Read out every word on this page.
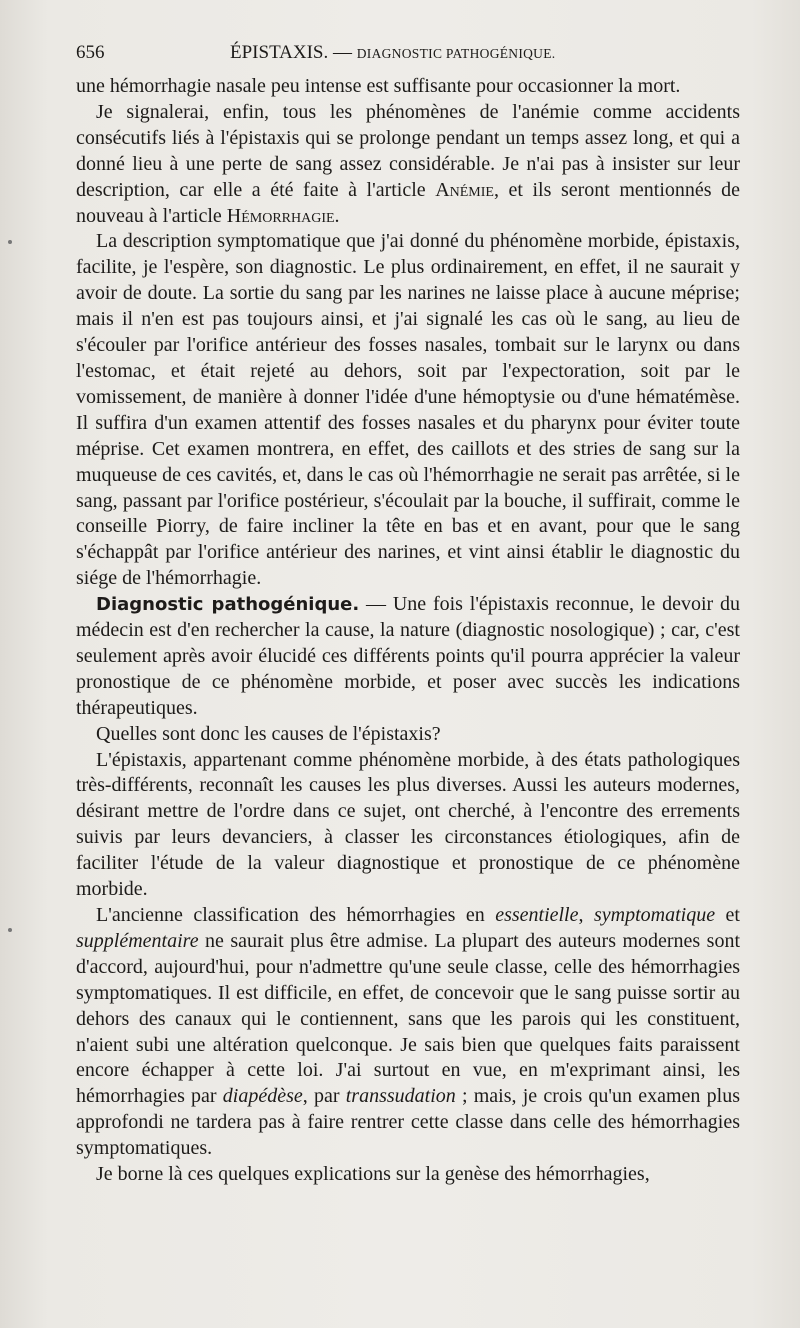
656	ÉPISTAXIS. — DIAGNOSTIC PATHOGÉNIQUE.

une hémorrhagie nasale peu intense est suffisante pour occasionner la mort.

Je signalerai, enfin, tous les phénomènes de l'anémie comme accidents consécutifs liés à l'épistaxis qui se prolonge pendant un temps assez long, et qui a donné lieu à une perte de sang assez considérable. Je n'ai pas à insister sur leur description, car elle a été faite à l'article Anémie, et ils seront mentionnés de nouveau à l'article Hémorrhagie.

La description symptomatique que j'ai donné du phénomène morbide, épistaxis, facilite, je l'espère, son diagnostic. Le plus ordinairement, en effet, il ne saurait y avoir de doute. La sortie du sang par les narines ne laisse place à aucune méprise; mais il n'en est pas toujours ainsi, et j'ai signalé les cas où le sang, au lieu de s'écouler par l'orifice antérieur des fosses nasales, tombait sur le larynx ou dans l'estomac, et était rejeté au dehors, soit par l'expectoration, soit par le vomissement, de manière à donner l'idée d'une hémoptysie ou d'une hématémèse. Il suffira d'un examen attentif des fosses nasales et du pharynx pour éviter toute méprise. Cet examen montrera, en effet, des caillots et des stries de sang sur la muqueuse de ces cavités, et, dans le cas où l'hémorrhagie ne serait pas arrêtée, si le sang, passant par l'orifice postérieur, s'écoulait par la bouche, il suffirait, comme le conseille Piorry, de faire incliner la tête en bas et en avant, pour que le sang s'échappât par l'orifice antérieur des narines, et vint ainsi établir le diagnostic du siége de l'hémorrhagie.

Diagnostic pathogénique. — Une fois l'épistaxis reconnue, le devoir du médecin est d'en rechercher la cause, la nature (diagnostic nosologique) ; car, c'est seulement après avoir élucidé ces différents points qu'il pourra apprécier la valeur pronostique de ce phénomène morbide, et poser avec succès les indications thérapeutiques.

Quelles sont donc les causes de l'épistaxis?

L'épistaxis, appartenant comme phénomène morbide, à des états pathologiques très-différents, reconnaît les causes les plus diverses. Aussi les auteurs modernes, désirant mettre de l'ordre dans ce sujet, ont cherché, à l'encontre des errements suivis par leurs devanciers, à classer les circonstances étiologiques, afin de faciliter l'étude de la valeur diagnostique et pronostique de ce phénomène morbide.

L'ancienne classification des hémorrhagies en essentielle, symptomatique et supplémentaire ne saurait plus être admise. La plupart des auteurs modernes sont d'accord, aujourd'hui, pour n'admettre qu'une seule classe, celle des hémorrhagies symptomatiques. Il est difficile, en effet, de concevoir que le sang puisse sortir au dehors des canaux qui le contiennent, sans que les parois qui les constituent, n'aient subi une altération quelconque. Je sais bien que quelques faits paraissent encore échapper à cette loi. J'ai surtout en vue, en m'exprimant ainsi, les hémorrhagies par diapédèse, par transsudation ; mais, je crois qu'un examen plus approfondi ne tardera pas à faire rentrer cette classe dans celle des hémorrhagies symptomatiques.

Je borne là ces quelques explications sur la genèse des hémorrhagies,
